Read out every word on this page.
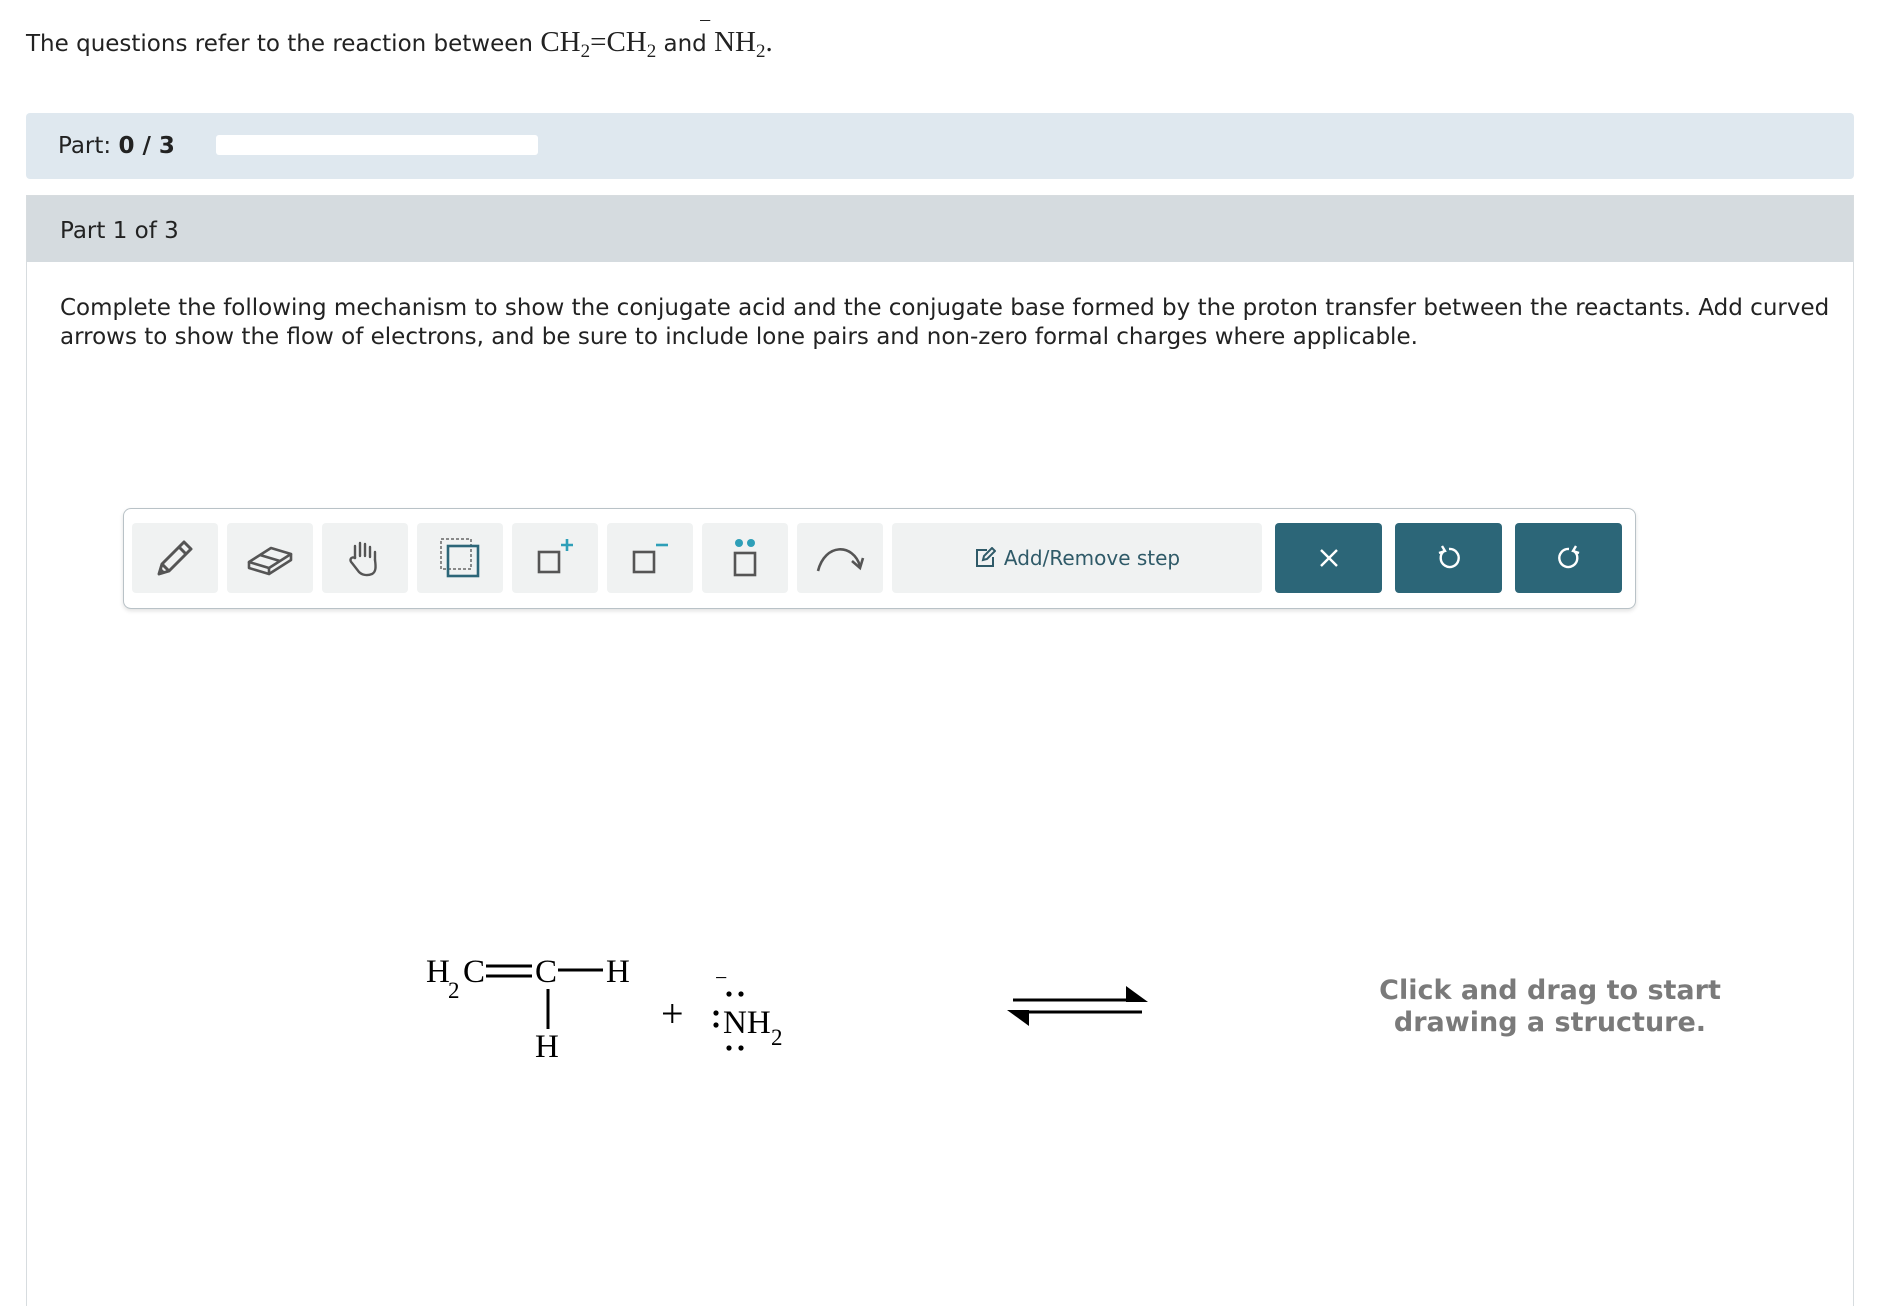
The questions refer to the reaction between $CH_2=CH_2$ and – $NH_2$.
Part: 0 / 3
Part 1 of 3
Complete the following mechanism to show the conjugate acid and the conjugate base formed by the proton transfer between the reactants. Add curved arrows to show the flow of electrons, and be sure to include lone pairs and non-zero formal charges where applicable.
Add/Remove step
H
2
C C H
H
+
−
NH 2
Click and drag to start
drawing a structure.
